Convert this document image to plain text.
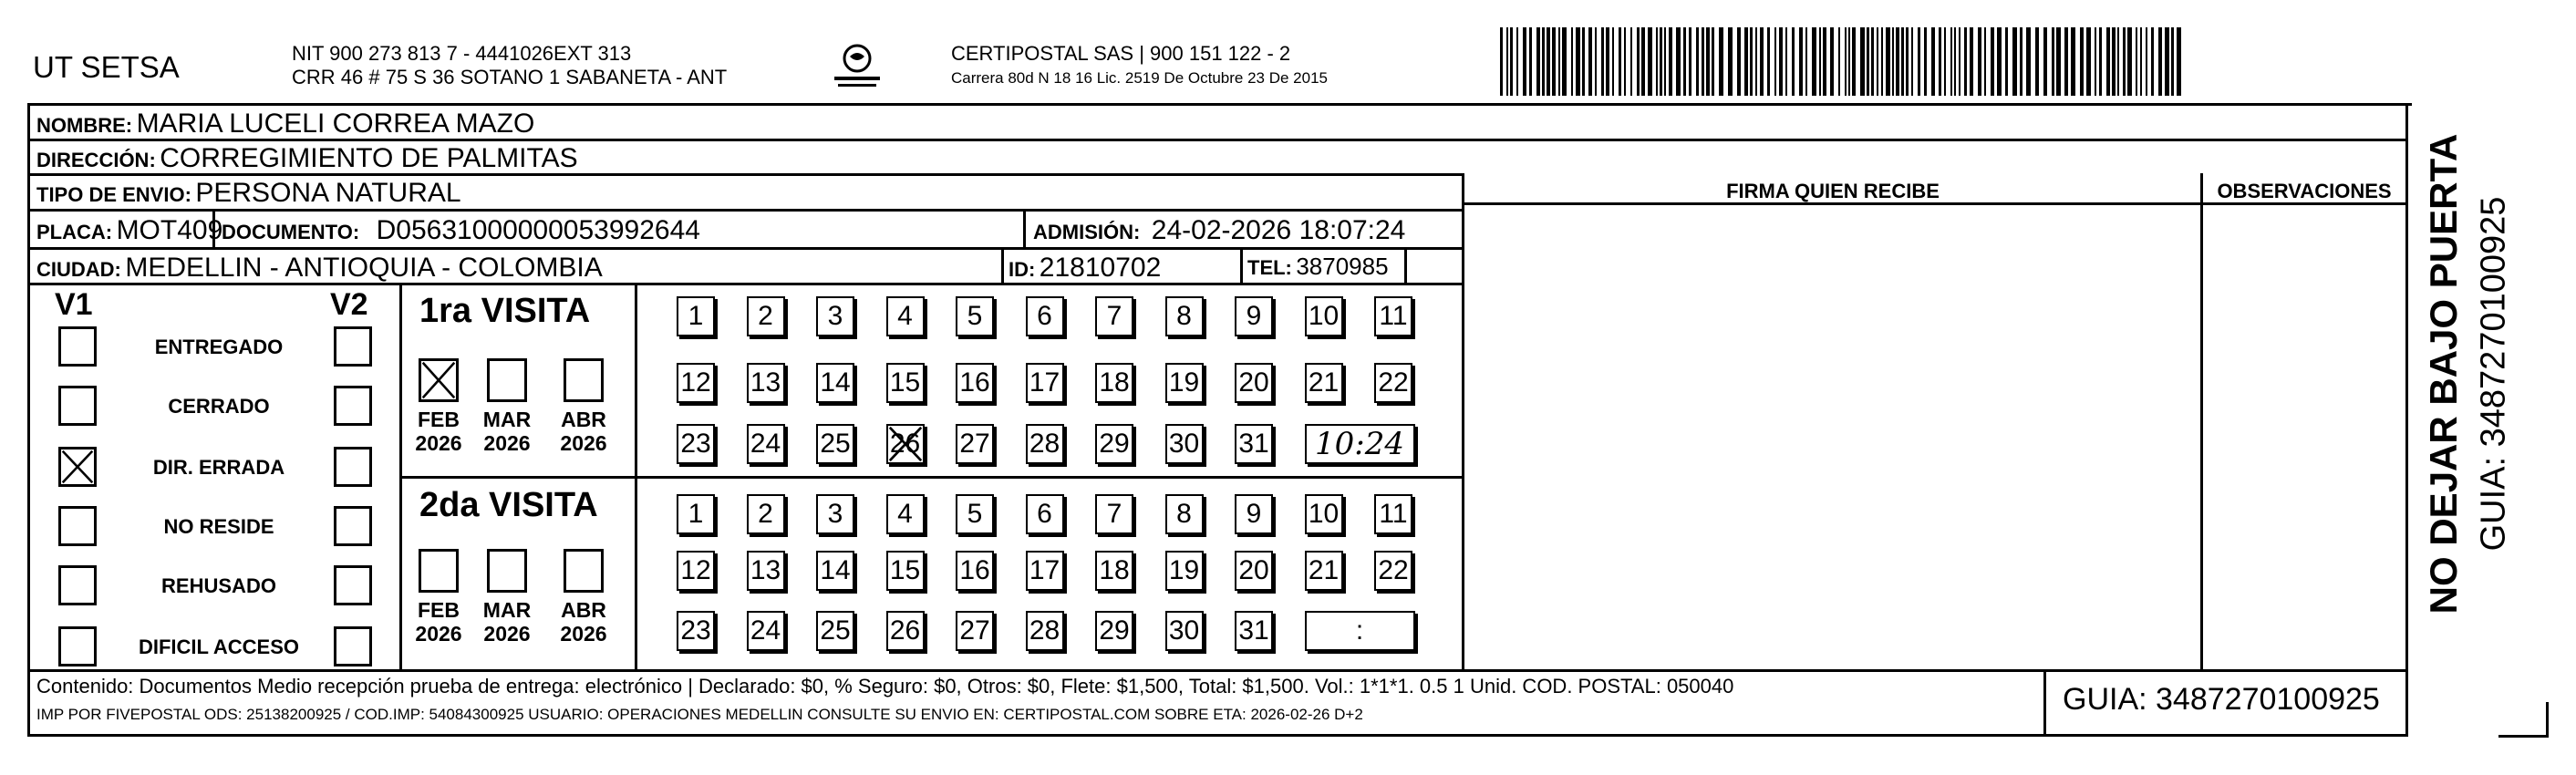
UT SETSA	NIT 900 273 813 7 - 4441026EXT 313
CRR 46 # 75 S 36 SOTANO 1 SABANETA - ANT
CERTIPOSTAL SAS | 900 151 122 - 2
Carrera 80d N 18 16 Lic. 2519 De Octubre 23 De 2015
NOMBRE: MARIA LUCELI CORREA MAZO
DIRECCIÓN: CORREGIMIENTO DE PALMITAS
TIPO DE ENVIO: PERSONA NATURAL
PLACA: MOT409
DOCUMENTO: D05631000000053992644	ADMISIÓN: 24-02-2026 18:07:24
CIUDAD: MEDELLIN - ANTIOQUIA - COLOMBIA	ID: 21810702	TEL: 3870985
FIRMA QUIEN RECIBE	OBSERVACIONES
V1	V2
ENTREGADO
CERRADO
DIR. ERRADA
NO RESIDE
REHUSADO
DIFICIL ACCESO
1ra VISITA
FEB
2026
MAR
2026
ABR
2026
1	2	3	4	5	6	7	8	9	10 11
12 13 14 15 16 17 18 19 20 21 22
23 24 25 26 27 28 29 30 31	10:24
2da VISITA
FEB
2026
MAR
2026
ABR
2026
1	2	3	4	5	6	7	8	9	10 11
12 13 14 15 16 17 18 19 20 21 22
23 24 25 26 27 28 29 30 31	:
Contenido: Documentos Medio recepción prueba de entrega: electrónico | Declarado: $0, % Seguro: $0, Otros: $0, Flete: $1,500, Total: $1,500. Vol.: 1*1*1. 0.5 1 Unid. COD. POSTAL: 050040
IMP POR FIVEPOSTAL ODS: 25138200925 / COD.IMP: 54084300925 USUARIO: OPERACIONES MEDELLIN CONSULTE SU ENVIO EN: CERTIPOSTAL.COM SOBRE ETA: 2026-02-26 D+2	GUIA: 3487270100925
NO DEJAR BAJO PUERTA GUIA: 3487270100925
